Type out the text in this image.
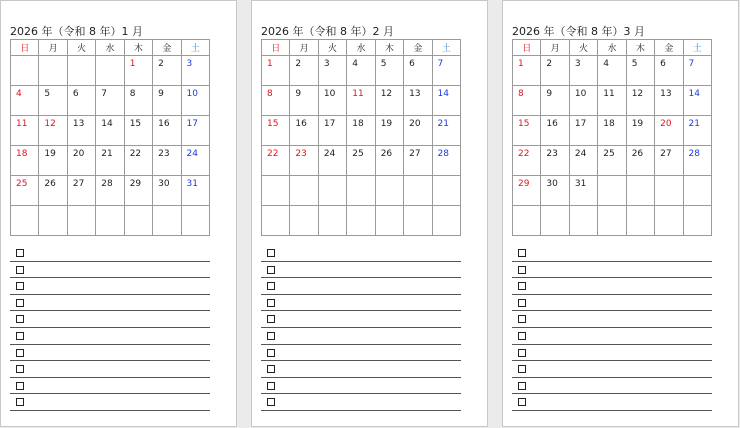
2026 年（令和 8 年）1 月
日	月	火	水	木	金	土

				1	2	3

4	5	6	7	8	9	10

11	12	13	14	15	16	17

18	19	20	21	22	23	24

25	26	27	28	29	30	31

2026 年（令和 8 年）2 月
日	月	火	水	木	金	土

1	2	3	4	5	6	7

8	9	10	11	12	13	14

15	16	17	18	19	20	21

22	23	24	25	26	27	28

2026 年（令和 8 年）3 月
日	月	火	水	木	金	土

1	2	3	4	5	6	7

8	9	10	11	12	13	14

15	16	17	18	19	20	21

22	23	24	25	26	27	28

29	30	31				
